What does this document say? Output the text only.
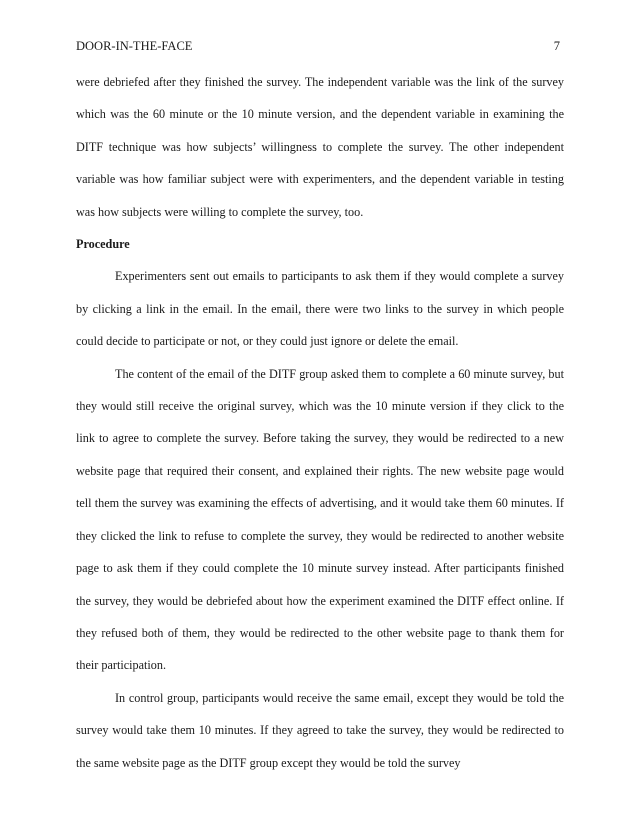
DOOR-IN-THE-FACE	7

were debriefed after they finished the survey. The independent variable was the link of the survey which was the 60 minute or the 10 minute version, and the dependent variable in examining the DITF technique was how subjects’ willingness to complete the survey. The other independent variable was how familiar subject were with experimenters, and the dependent variable in testing was how subjects were willing to complete the survey, too.

Procedure

Experimenters sent out emails to participants to ask them if they would complete a survey by clicking a link in the email. In the email, there were two links to the survey in which people could decide to participate or not, or they could just ignore or delete the email.

The content of the email of the DITF group asked them to complete a 60 minute survey, but they would still receive the original survey, which was the 10 minute version if they click to the link to agree to complete the survey. Before taking the survey, they would be redirected to a new website page that required their consent, and explained their rights. The new website page would tell them the survey was examining the effects of advertising, and it would take them 60 minutes. If they clicked the link to refuse to complete the survey, they would be redirected to another website page to ask them if they could complete the 10 minute survey instead. After participants finished the survey, they would be debriefed about how the experiment examined the DITF effect online. If they refused both of them, they would be redirected to the other website page to thank them for their participation.

In control group, participants would receive the same email, except they would be told the survey would take them 10 minutes. If they agreed to take the survey, they would be redirected to the same website page as the DITF group except they would be told the survey
